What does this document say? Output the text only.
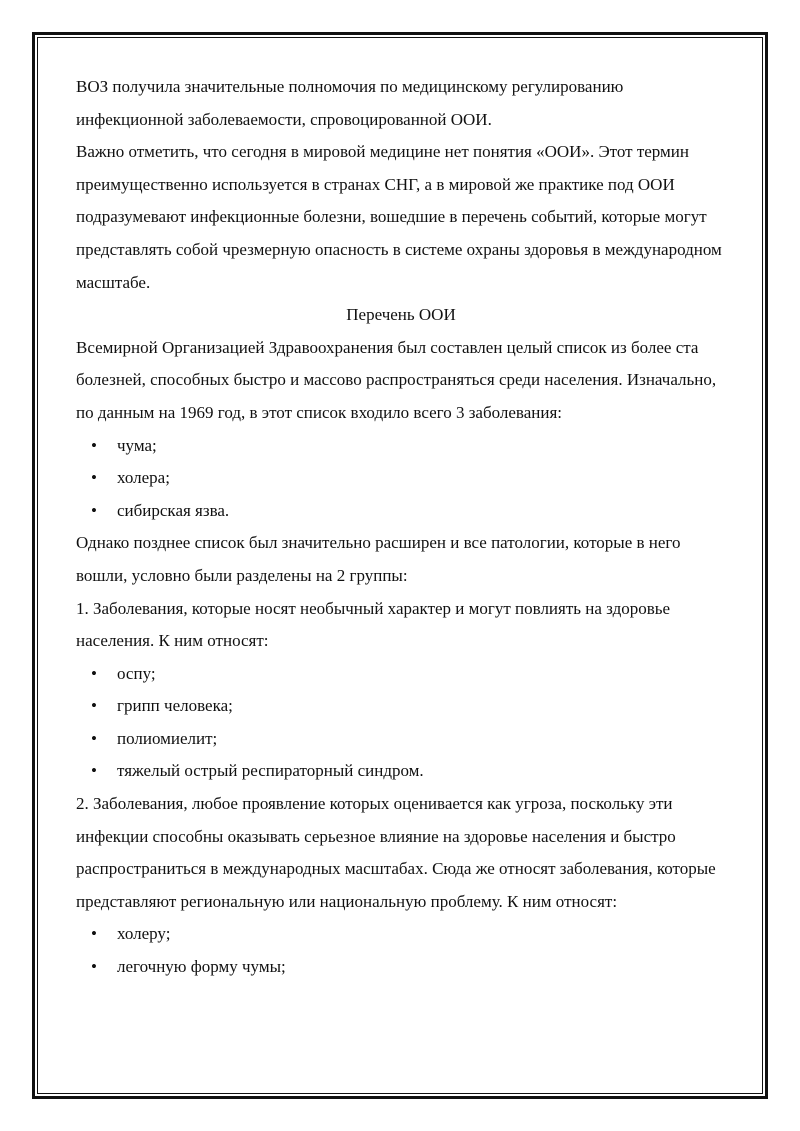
ВОЗ получила значительные полномочия по медицинскому регулированию инфекционной заболеваемости, спровоцированной ООИ.

Важно отметить, что сегодня в мировой медицине нет понятия «ООИ». Этот термин преимущественно используется в странах СНГ, а в мировой же практике под ООИ подразумевают инфекционные болезни, вошедшие в перечень событий, которые могут представлять собой чрезмерную опасность в системе охраны здоровья в международном масштабе.

Перечень ООИ

Всемирной Организацией Здравоохранения был составлен целый список из более ста болезней, способных быстро и массово распространяться среди населения. Изначально, по данным на 1969 год, в этот список входило всего 3 заболевания:

• чума;
• холера;
• сибирская язва.

Однако позднее список был значительно расширен и все патологии, которые в него вошли, условно были разделены на 2 группы:

1. Заболевания, которые носят необычный характер и могут повлиять на здоровье населения. К ним относят:

• оспу;
• грипп человека;
• полиомиелит;
• тяжелый острый респираторный синдром.

2. Заболевания, любое проявление которых оценивается как угроза, поскольку эти инфекции способны оказывать серьезное влияние на здоровье населения и быстро распространиться в международных масштабах. Сюда же относят заболевания, которые представляют региональную или национальную проблему. К ним относят:

• холеру;
• легочную форму чумы;
